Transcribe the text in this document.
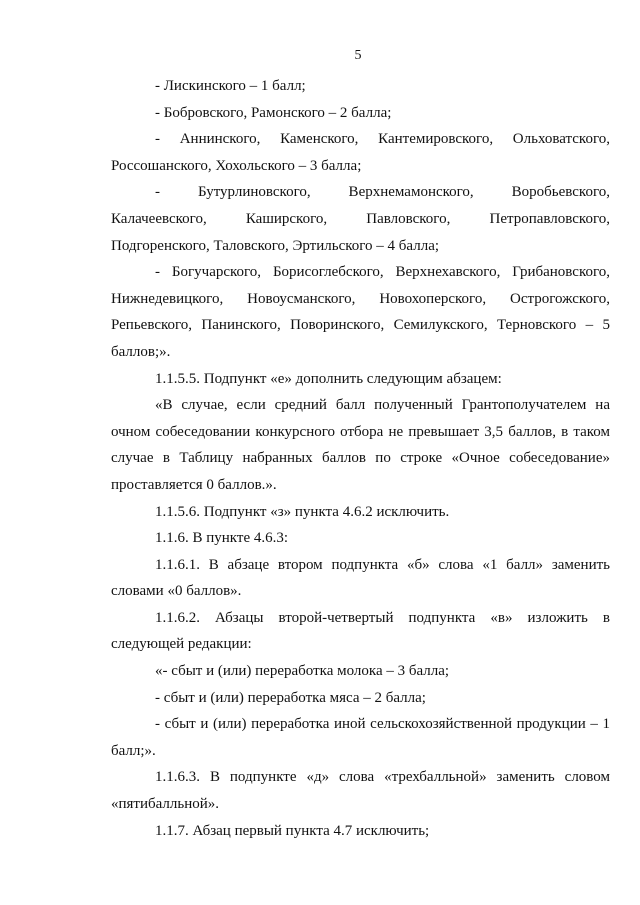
5
- Лискинского – 1 балл;
- Бобровского, Рамонского – 2 балла;
- Аннинского, Каменского, Кантемировского, Ольховатского,
Россошанского, Хохольского – 3 балла;
- Бутурлиновского, Верхнемамонского, Воробьевского,
Калачеевского, Каширского, Павловского, Петропавловского,
Подгоренского, Таловского, Эртильского – 4 балла;
- Богучарского, Борисоглебского, Верхнехавского, Грибановского,
Нижнедевицкого, Новоусманского, Новохоперского, Острогожского,
Репьевского, Панинского, Поворинского, Семилукского, Терновского – 5
баллов;».
1.1.5.5. Подпункт «е» дополнить следующим абзацем:
«В случае, если средний балл полученный Грантополучателем на
очном собеседовании конкурсного отбора не превышает 3,5 баллов, в таком
случае в Таблицу набранных баллов по строке «Очное собеседование»
проставляется 0 баллов.».
1.1.5.6. Подпункт «з» пункта 4.6.2 исключить.
1.1.6. В пункте 4.6.3:
1.1.6.1. В абзаце втором подпункта «б» слова «1 балл» заменить
словами «0 баллов».
1.1.6.2. Абзацы второй-четвертый подпункта «в» изложить в
следующей редакции:
«- сбыт и (или) переработка молока – 3 балла;
- сбыт и (или) переработка мяса – 2 балла;
- сбыт и (или) переработка иной сельскохозяйственной продукции – 1
балл;».
1.1.6.3. В подпункте «д» слова «трехбалльной» заменить словом
«пятибалльной».
1.1.7. Абзац первый пункта 4.7 исключить;
